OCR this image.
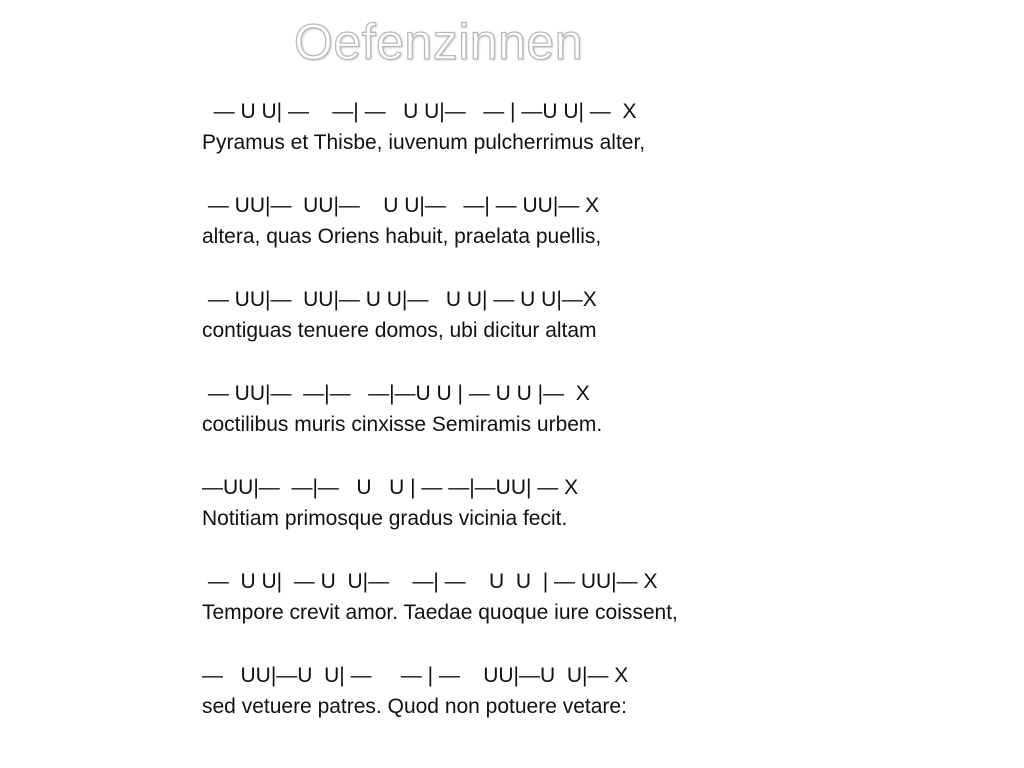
Oefenzinnen
— U U| —    —| —   U U|—   — | —U U| —  X
Pyramus et Thisbe, iuvenum pulcherrimus alter,
— UU|—  UU|—    U U|—   —| — UU|— X
altera, quas Oriens habuit, praelata puellis,
— UU|—  UU|— U U|—   U U| — U U|—X
contiguas tenuere domos, ubi dicitur altam
— UU|—  —|—   —|—U U | — U U |—  X
coctilibus muris cinxisse Semiramis urbem.
—UU|—  —|—   U   U | — —|—UU| — X
Notitiam primosque gradus vicinia fecit.
—  U U|  — U  U|—    —| —    U  U  | — UU|— X
Tempore crevit amor. Taedae quoque iure coissent,
—   UU|—U  U| —     — | —    UU|—U  U|— X
sed vetuere patres. Quod non potuere vetare:
